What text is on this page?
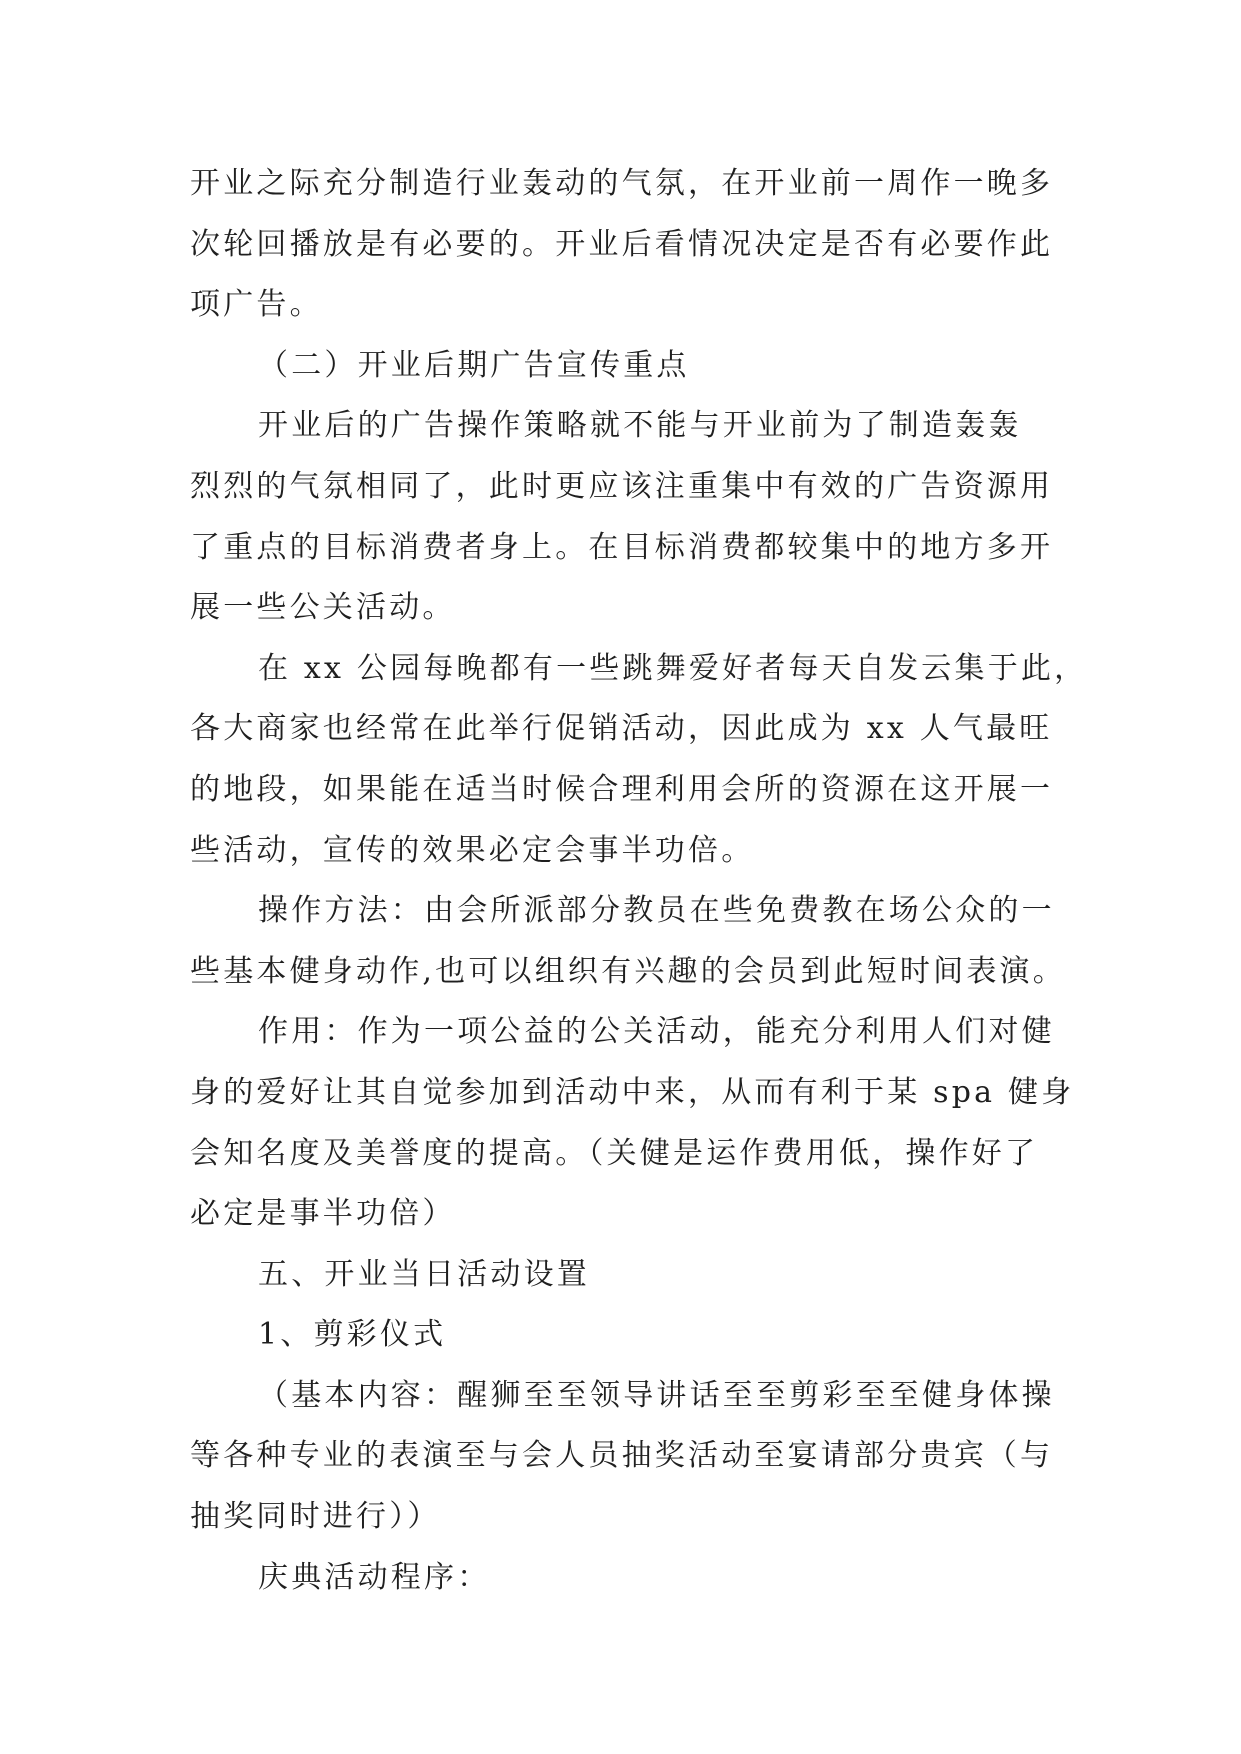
开业之际充分制造行业轰动的气氛，在开业前一周作一晚多
次轮回播放是有必要的。开业后看情况决定是否有必要作此
项广告。
（二）开业后期广告宣传重点
开业后的广告操作策略就不能与开业前为了制造轰轰
烈烈的气氛相同了，此时更应该注重集中有效的广告资源用
了重点的目标消费者身上。在目标消费都较集中的地方多开
展一些公关活动。
在 xx 公园每晚都有一些跳舞爱好者每天自发云集于此，
各大商家也经常在此举行促销活动，因此成为 xx 人气最旺
的地段，如果能在适当时候合理利用会所的资源在这开展一
些活动，宣传的效果必定会事半功倍。
操作方法：由会所派部分教员在些免费教在场公众的一
些基本健身动作,也可以组织有兴趣的会员到此短时间表演。
作用：作为一项公益的公关活动，能充分利用人们对健
身的爱好让其自觉参加到活动中来，从而有利于某 spa 健身
会知名度及美誉度的提高。（关健是运作费用低，操作好了
必定是事半功倍）
五、开业当日活动设置
1、剪彩仪式
（基本内容：醒狮至至领导讲话至至剪彩至至健身体操
等各种专业的表演至与会人员抽奖活动至宴请部分贵宾（与
抽奖同时进行））
庆典活动程序：
